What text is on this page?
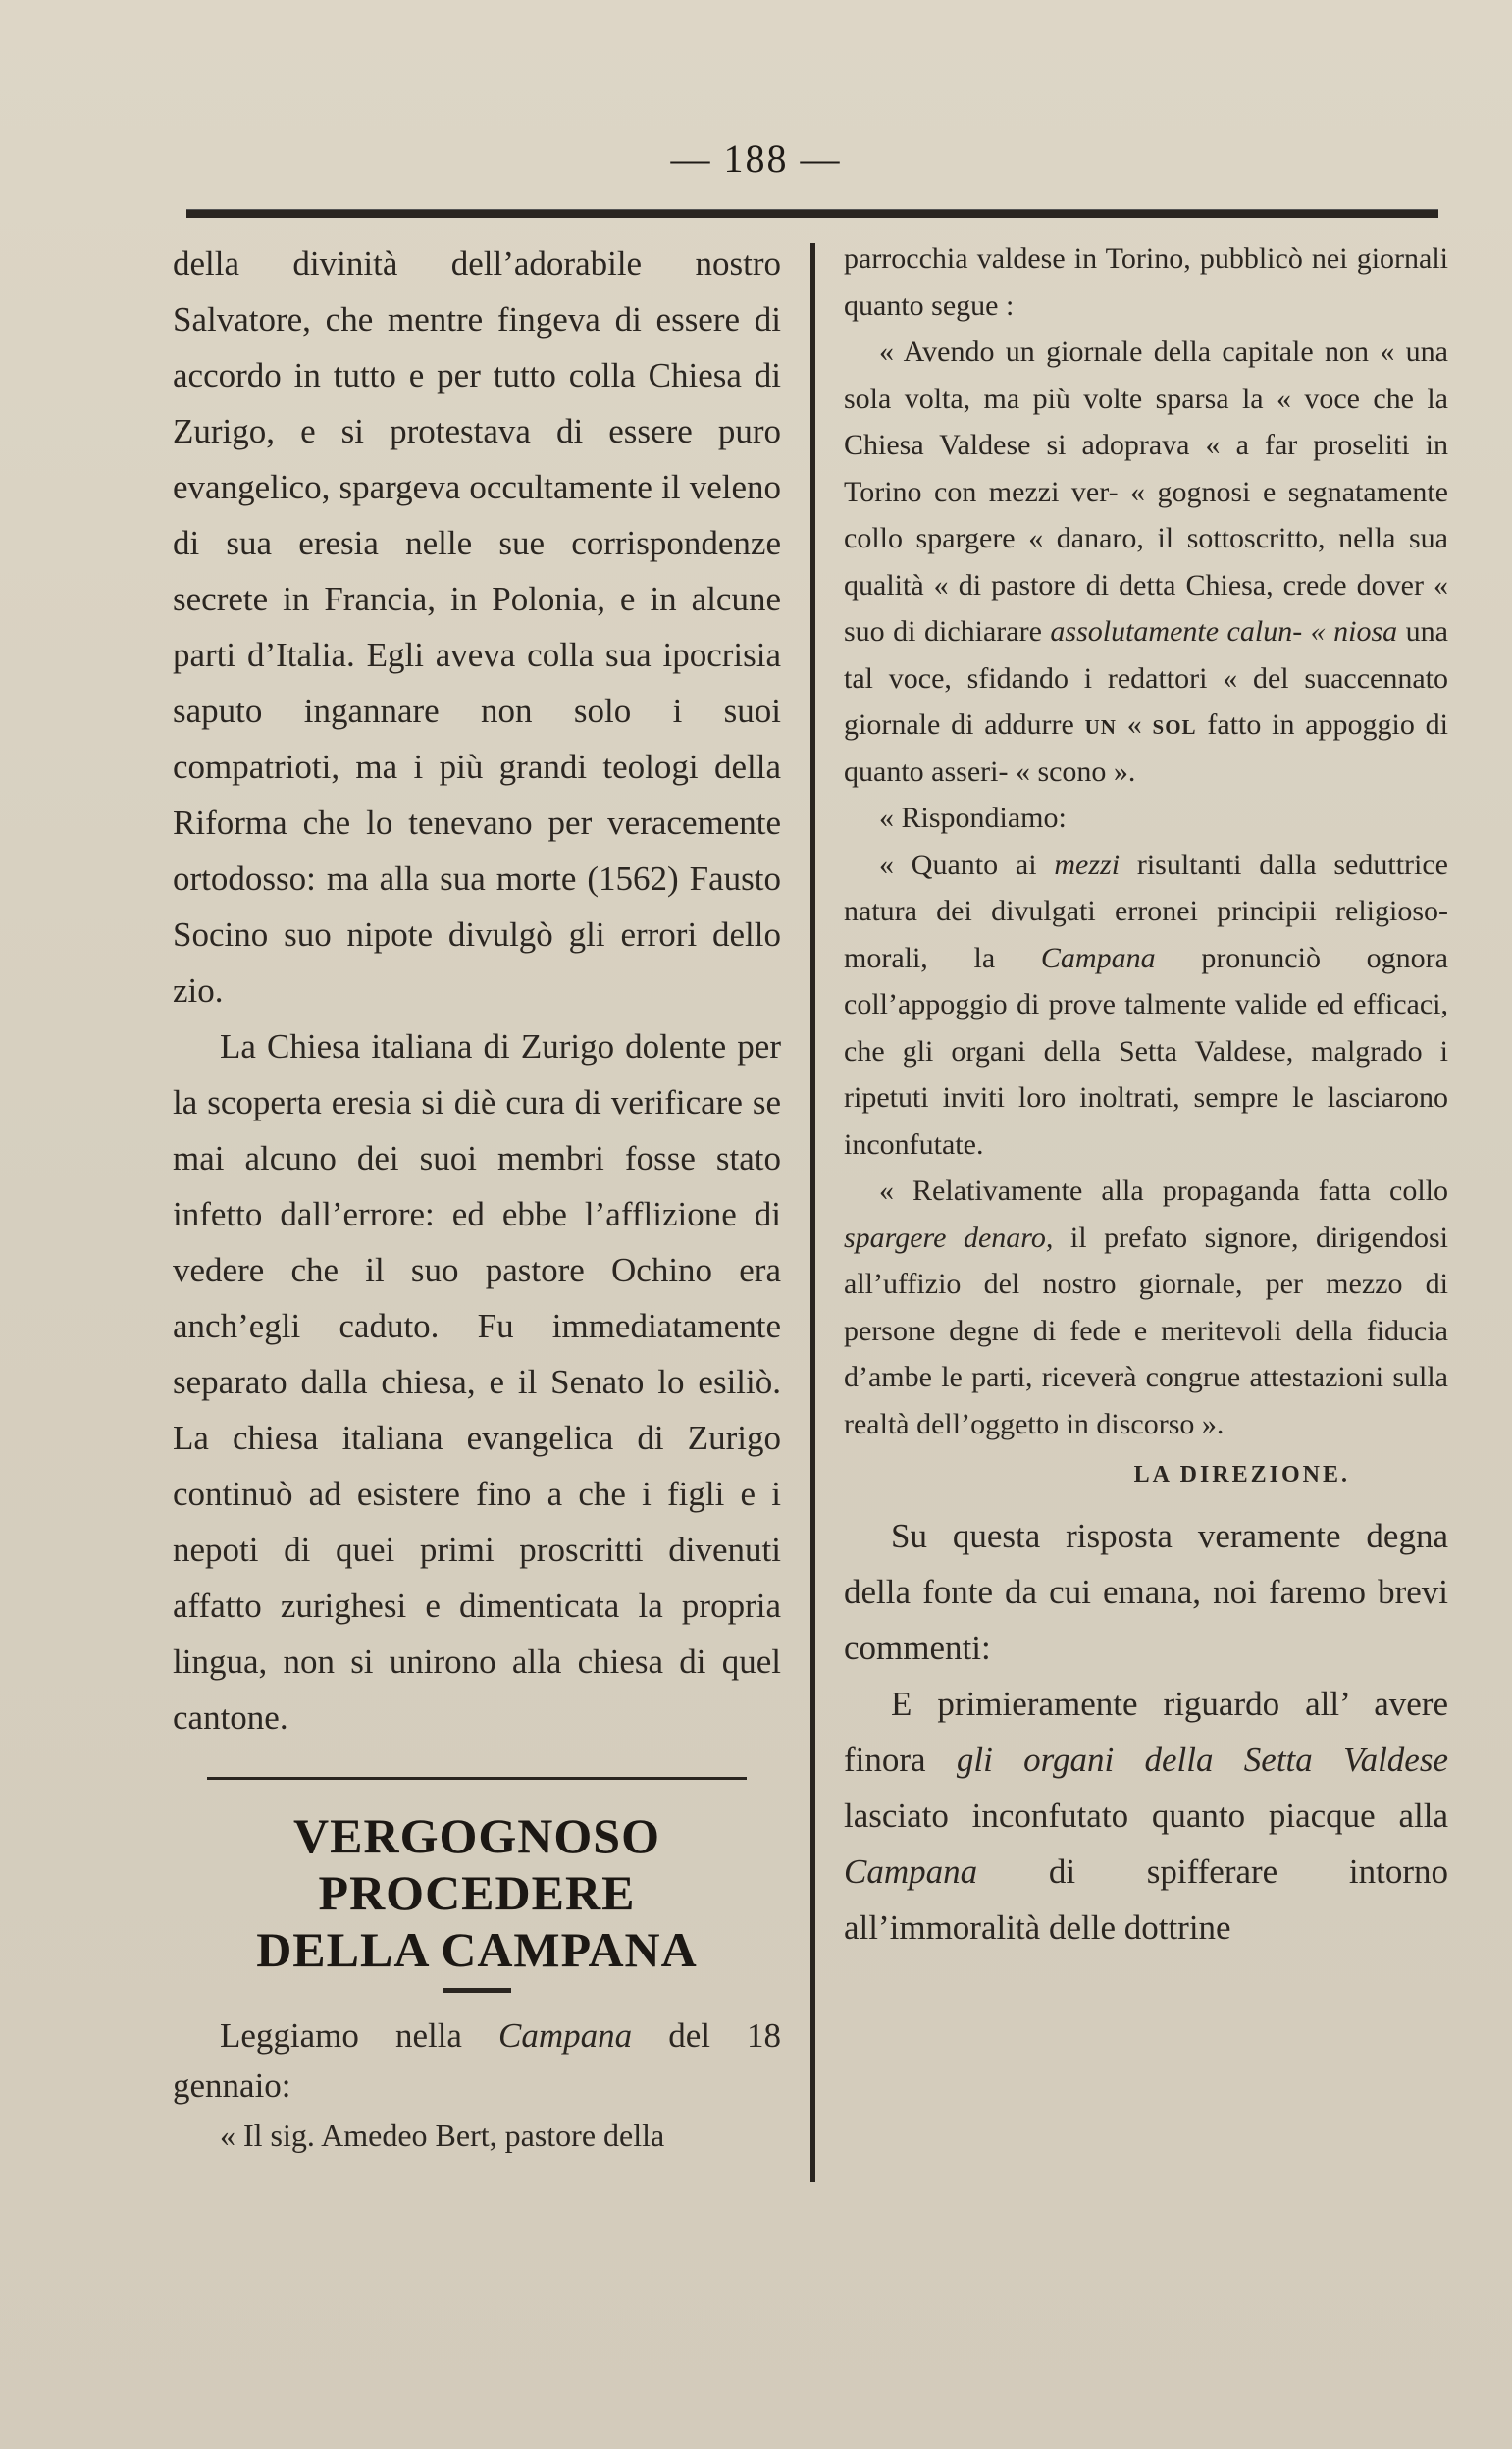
— 188 —

della divinità dell’adorabile nostro Salvatore, che mentre fingeva di essere di accordo in tutto e per tutto colla Chiesa di Zurigo, e si protestava di essere puro evangelico, spargeva occultamente il veleno di sua eresia nelle sue corrispondenze secrete in Francia, in Polonia, e in alcune parti d’Italia. Egli aveva colla sua ipocrisia saputo ingannare non solo i suoi compatrioti, ma i più grandi teologi della Riforma che lo tenevano per veracemente ortodosso: ma alla sua morte (1562) Fausto Socino suo nipote divulgò gli errori dello zio.

La Chiesa italiana di Zurigo dolente per la scoperta eresia si diè cura di verificare se mai alcuno dei suoi membri fosse stato infetto dall’errore: ed ebbe l’afflizione di vedere che il suo pastore Ochino era anch’egli caduto. Fu immediatamente separato dalla chiesa, e il Senato lo esiliò. La chiesa italiana evangelica di Zurigo continuò ad esistere fino a che i figli e i nepoti di quei primi proscritti divenuti affatto zurighesi e dimenticata la propria lingua, non si unirono alla chiesa di quel cantone.

VERGOGNOSO PROCEDERE
DELLA CAMPANA

Leggiamo nella Campana del 18 gennaio:

« Il sig. Amedeo Bert, pastore della

parrocchia valdese in Torino, pubblicò nei giornali quanto segue :

« Avendo un giornale della capitale non « una sola volta, ma più volte sparsa la « voce che la Chiesa Valdese si adoprava « a far proseliti in Torino con mezzi ver- « gognosi e segnatamente collo spargere « danaro, il sottoscritto, nella sua qualità « di pastore di detta Chiesa, crede dover « suo di dichiarare assolutamente calun- « niosa una tal voce, sfidando i redattori « del suaccennato giornale di addurre un « sol fatto in appoggio di quanto asseri- « scono ».

« Rispondiamo:

« Quanto ai mezzi risultanti dalla seduttrice natura dei divulgati erronei principii religioso-morali, la Campana pronunciò ognora coll’appoggio di prove talmente valide ed efficaci, che gli organi della Setta Valdese, malgrado i ripetuti inviti loro inoltrati, sempre le lasciarono inconfutate.

« Relativamente alla propaganda fatta collo spargere denaro, il prefato signore, dirigendosi all’uffizio del nostro giornale, per mezzo di persone degne di fede e meritevoli della fiducia d’ambe le parti, riceverà congrue attestazioni sulla realtà dell’oggetto in discorso ».

LA DIREZIONE.

Su questa risposta veramente degna della fonte da cui emana, noi faremo brevi commenti:

E primieramente riguardo all’ avere finora gli organi della Setta Valdese lasciato inconfutato quanto piacque alla Campana di spifferare intorno all’immoralità delle dottrine
